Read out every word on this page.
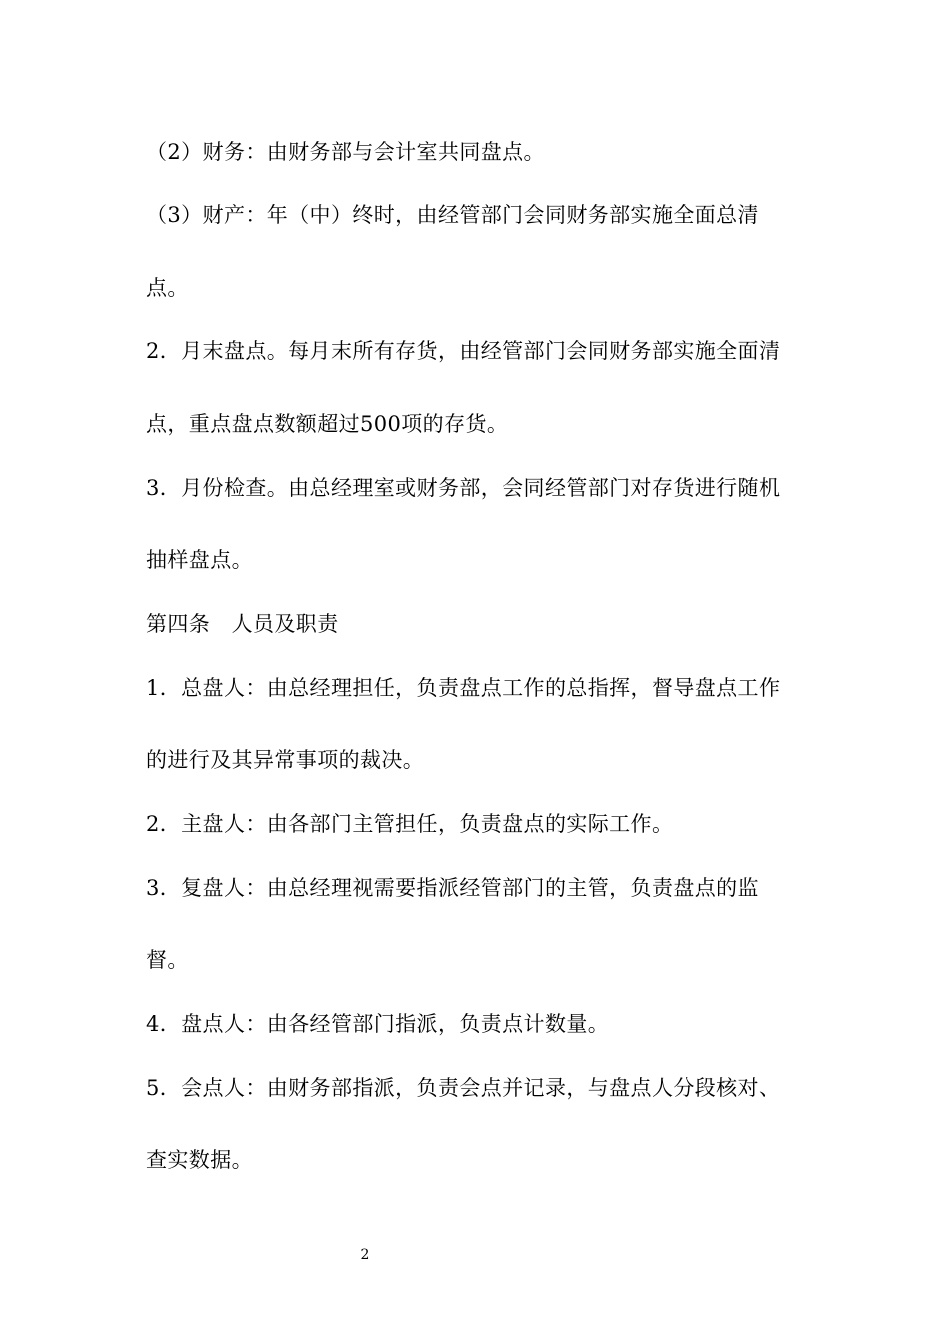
（2）财务：由财务部与会计室共同盘点。
（3）财产：年（中）终时，由经管部门会同财务部实施全面总清
点。
2．月末盘点。每月末所有存货，由经管部门会同财务部实施全面清
点，重点盘点数额超过500项的存货。
3．月份检查。由总经理室或财务部，会同经管部门对存货进行随机
抽样盘点。
第四条　人员及职责
1．总盘人：由总经理担任，负责盘点工作的总指挥，督导盘点工作
的进行及其异常事项的裁决。
2．主盘人：由各部门主管担任，负责盘点的实际工作。
3．复盘人：由总经理视需要指派经管部门的主管，负责盘点的监
督。
4．盘点人：由各经管部门指派，负责点计数量。
5．会点人：由财务部指派，负责会点并记录，与盘点人分段核对、
查实数据。
2
